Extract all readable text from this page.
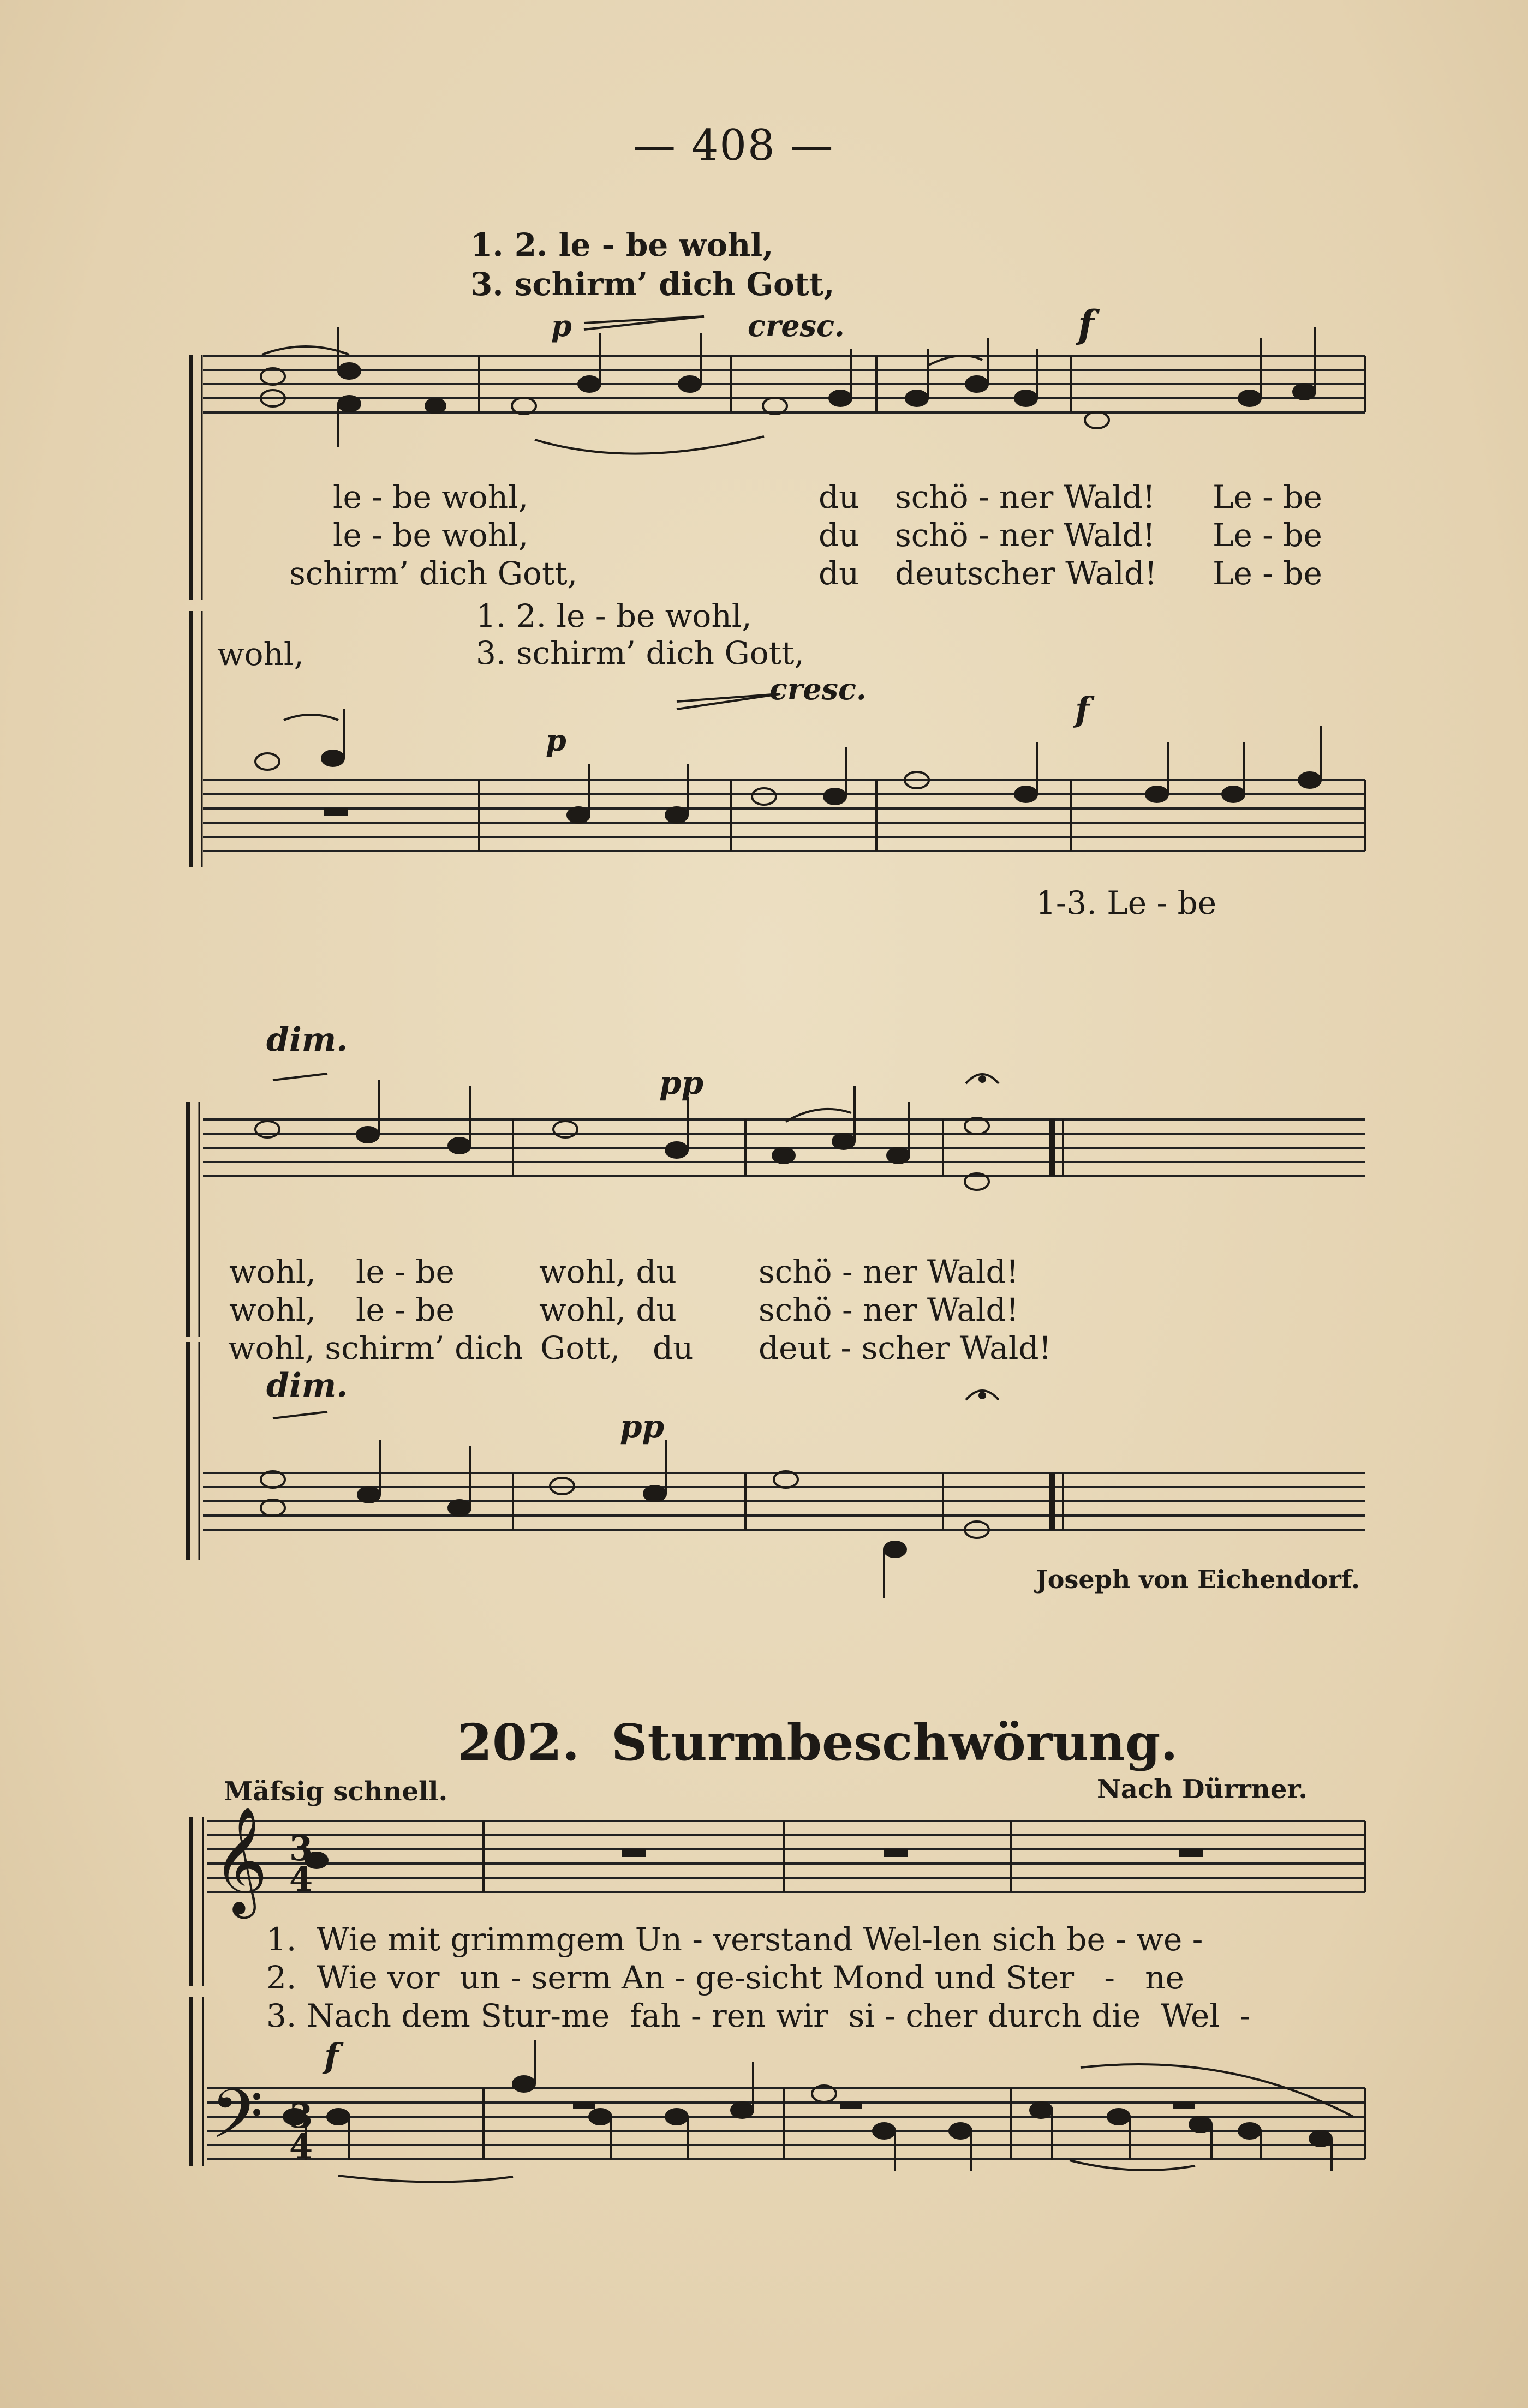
— 408 —
1. 2. le - be wohl,
3. schirm’ dich Gott,
p	cresc.	f
le - be wohl,	du schö - ner Wald! Le - be
le - be wohl,	du schö - ner Wald! Le - be
schirm’ dich Gott,	du deutscher Wald! Le - be
1. 2. le - be wohl,
wohl,	3. schirm’ dich Gott,
cresc.
p
f
1-3. Le - be
dim.
pp
wohl, le - be	wohl, du	schö - ner Wald!
wohl, le - be	wohl, du	schö - ner Wald!
wohl, schirm’ dich Gott, du deut - scher Wald!
dim.
pp
Joseph von Eichendorf.
202. Sturmbeschwörung.
Mäfsig schnell.	Nach Dürrner.
1.  Wie mit grimmgem Un - verstand Wel-len sich be - we -
2.  Wie vor  un - serm An - ge-sicht Mond und Ster   -   ne
3. Nach dem Stur-me  fah - ren wir  si - cher durch die  Wel  -
f
𝄞
𝄢
3
4
3
4
